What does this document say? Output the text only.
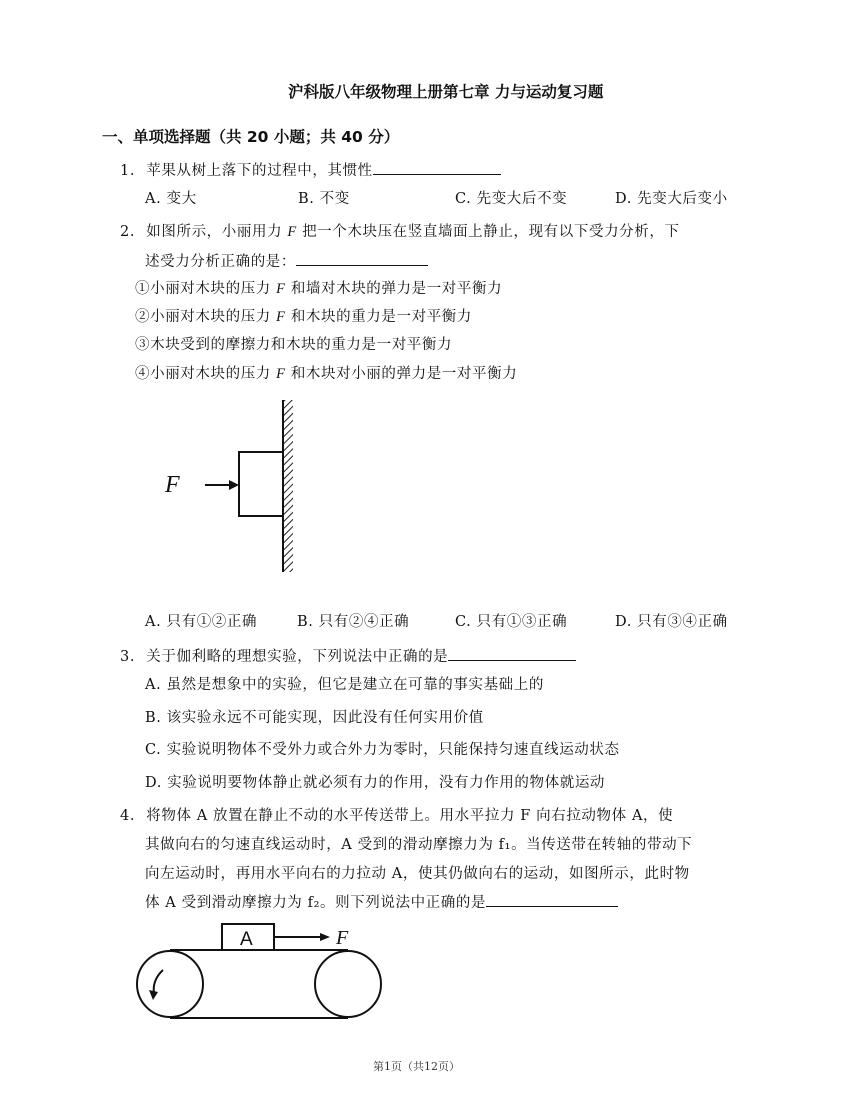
沪科版八年级物理上册第七章 力与运动复习题
一、单项选择题（共 20 小题；共 40 分）
1. 苹果从树上落下的过程中，其惯性
A. 变大	B. 不变	C. 先变大后不变	D. 先变大后变小
2. 如图所示，小丽用力 F 把一个木块压在竖直墙面上静止，现有以下受力分析，下
述受力分析正确的是：
①小丽对木块的压力 F 和墙对木块的弹力是一对平衡力
②小丽对木块的压力 F 和木块的重力是一对平衡力
③木块受到的摩擦力和木块的重力是一对平衡力
④小丽对木块的压力 F 和木块对小丽的弹力是一对平衡力
F
A. 只有①②正确	B. 只有②④正确	C. 只有①③正确	D. 只有③④正确
3. 关于伽利略的理想实验，下列说法中正确的是
A. 虽然是想象中的实验，但它是建立在可靠的事实基础上的
B. 该实验永远不可能实现，因此没有任何实用价值
C. 实验说明物体不受外力或合外力为零时，只能保持匀速直线运动状态
D. 实验说明要物体静止就必须有力的作用，没有力作用的物体就运动
4. 将物体 A 放置在静止不动的水平传送带上。用水平拉力 F 向右拉动物体 A，使
其做向右的匀速直线运动时，A 受到的滑动摩擦力为 f₁。当传送带在转轴的带动下
向左运动时，再用水平向右的力拉动 A，使其仍做向右的运动，如图所示，此时物
体 A 受到滑动摩擦力为 f₂。则下列说法中正确的是
A	F
第1页（共12页）
